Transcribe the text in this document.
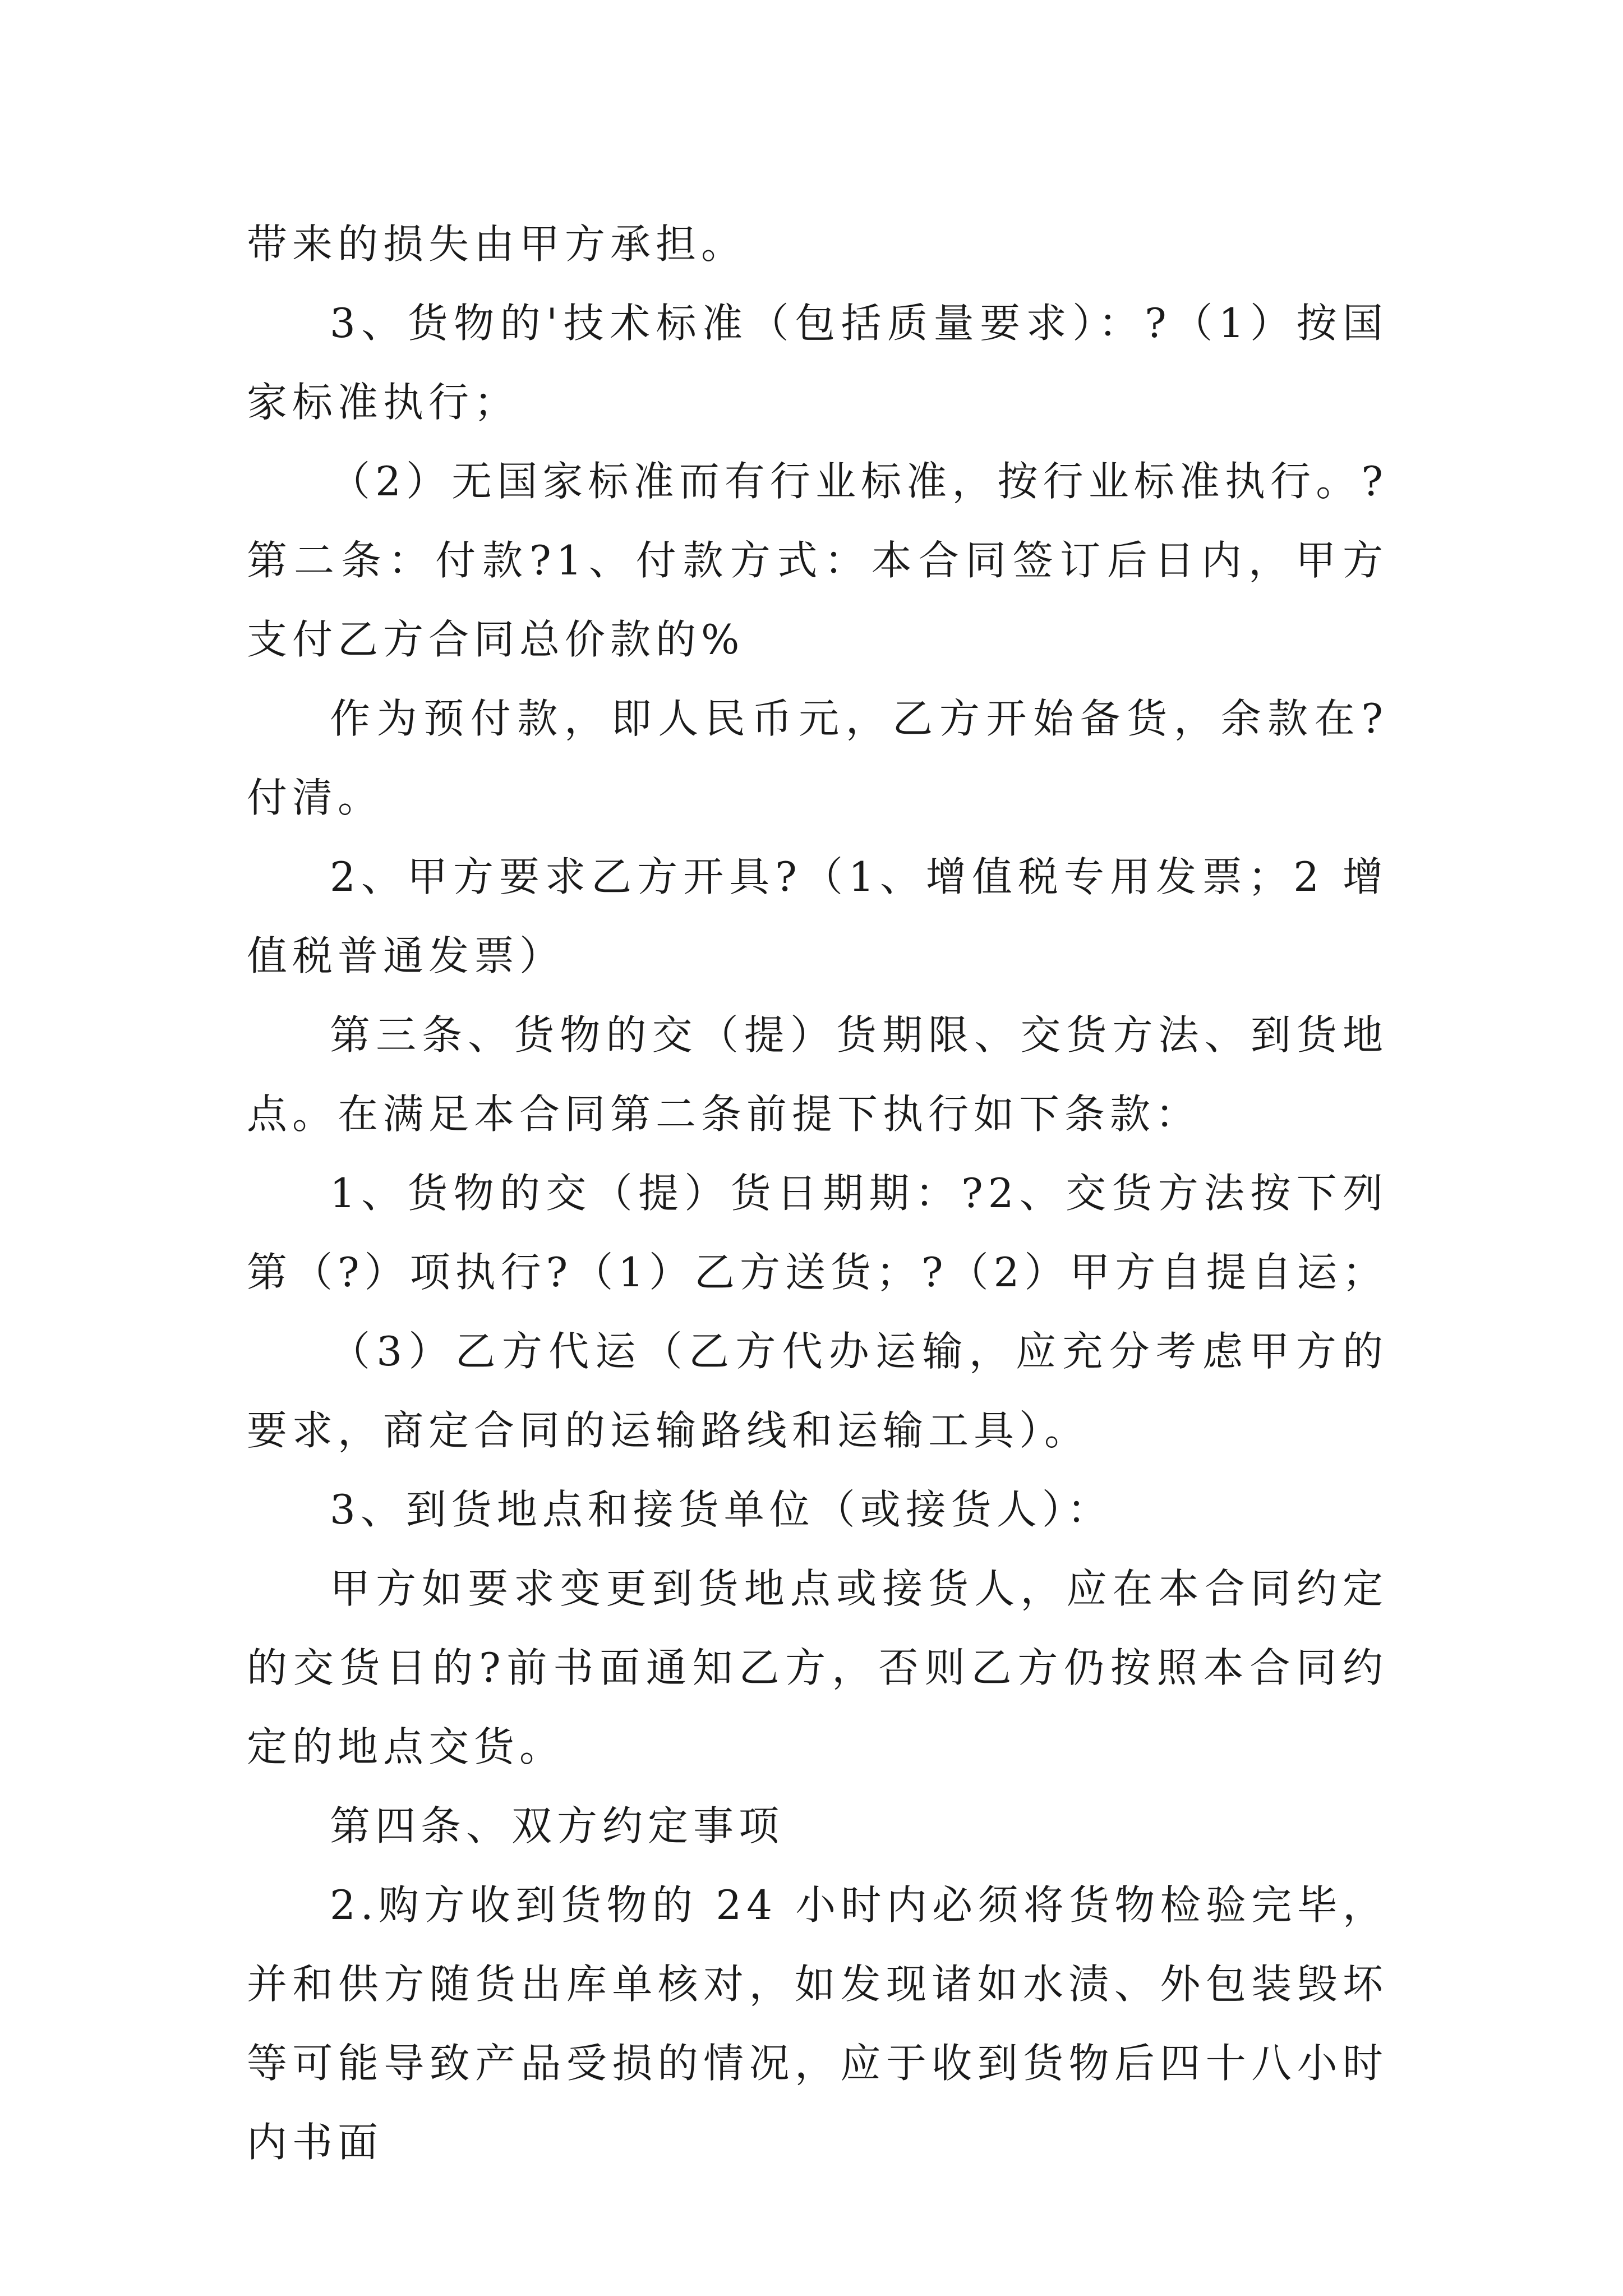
带来的损失由甲方承担。

3、货物的'技术标准（包括质量要求）：?（1）按国家标准执行；

（2）无国家标准而有行业标准，按行业标准执行。?第二条：付款?1、付款方式：本合同签订后日内，甲方支付乙方合同总价款的%

作为预付款，即人民币元，乙方开始备货，余款在?付清。

2、甲方要求乙方开具?（1、增值税专用发票；2 增值税普通发票）

第三条、货物的交（提）货期限、交货方法、到货地点。在满足本合同第二条前提下执行如下条款：

1、货物的交（提）货日期期：?2、交货方法按下列第（?）项执行?（1）乙方送货；?（2）甲方自提自运；

（3）乙方代运（乙方代办运输，应充分考虑甲方的要求，商定合同的运输路线和运输工具）。

3、到货地点和接货单位（或接货人）：

甲方如要求变更到货地点或接货人，应在本合同约定的交货日的?前书面通知乙方，否则乙方仍按照本合同约定的地点交货。

第四条、双方约定事项

2.购方收到货物的 24 小时内必须将货物检验完毕，并和供方随货出库单核对，如发现诸如水渍、外包装毁坏等可能导致产品受损的情况，应于收到货物后四十八小时内书面
